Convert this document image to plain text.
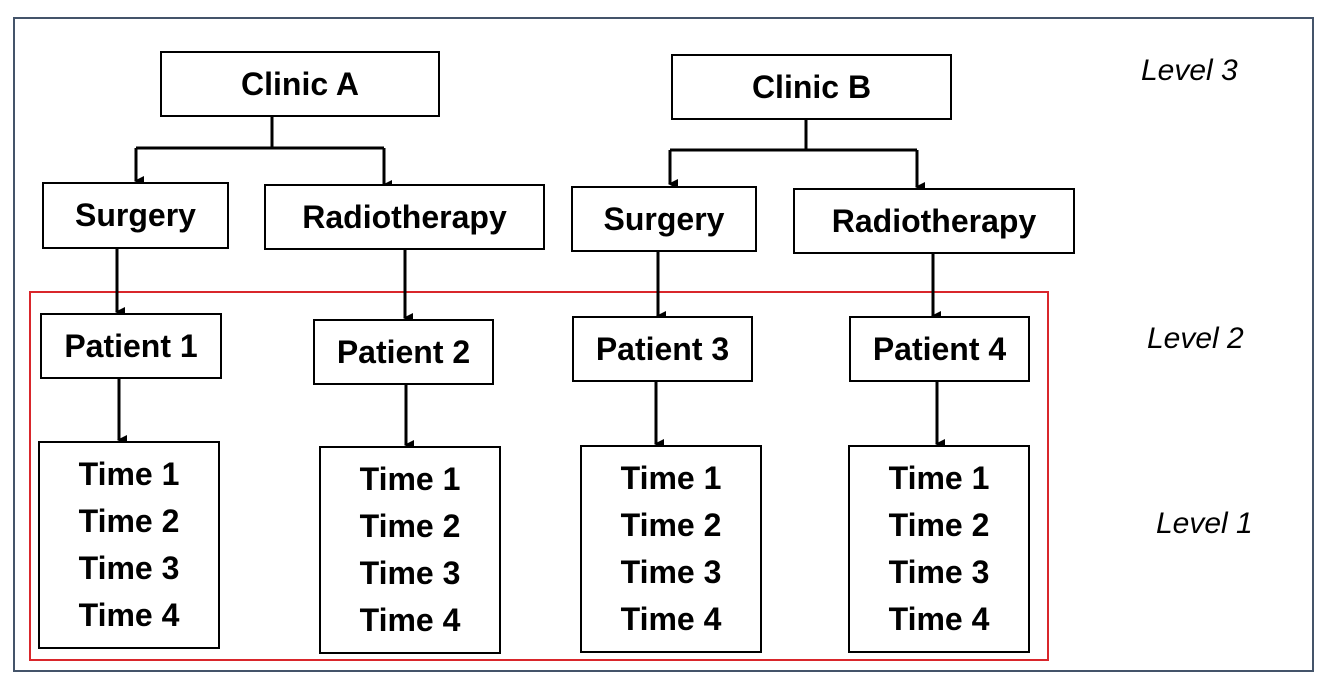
Clinic A	Clinic B
Surgery	Radiotherapy	Surgery	Radiotherapy
Patient 1	Patient 2	Patient 3	Patient 4
Time 1
Time 2
Time 3
Time 4
Time 1
Time 2
Time 3
Time 4
Time 1
Time 2
Time 3
Time 4
Time 1
Time 2
Time 3
Time 4
Level 3
Level 2
Level 1
